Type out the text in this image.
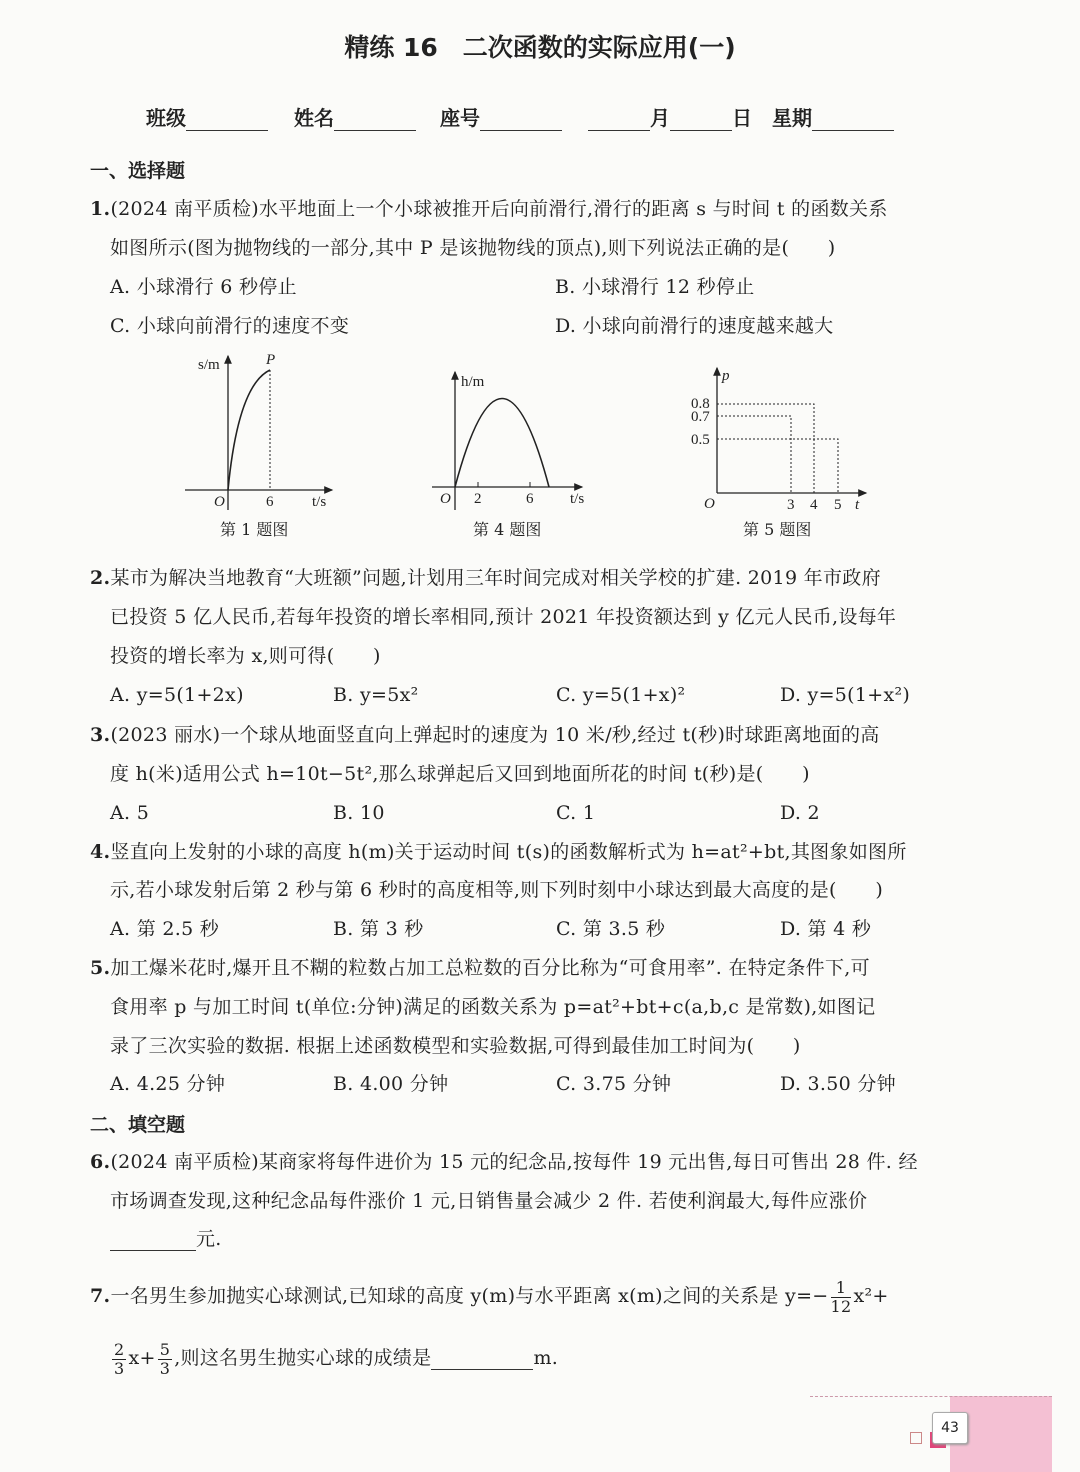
精练 16　二次函数的实际应用(一)
班级	姓名	座号	月	日　 星期
一、选择题
1.(2024 南平质检)水平地面上一个小球被推开后向前滑行,滑行的距离 s 与时间 t 的函数关系
如图所示(图为抛物线的一部分,其中 P 是该抛物线的顶点),则下列说法正确的是(　　)
A. 小球滑行 6 秒停止	B. 小球滑行 12 秒停止
C. 小球向前滑行的速度不变	D. 小球向前滑行的速度越来越大
s/m	P
O	6	t/s
h/m
O 2	6 t/s
p
0.8
0.7
0.5
O	3 4 5 t
第 1 题图	第 4 题图	第 5 题图
2.某市为解决当地教育“大班额”问题,计划用三年时间完成对相关学校的扩建. 2019 年市政府
已投资 5 亿人民币,若每年投资的增长率相同,预计 2021 年投资额达到 y 亿元人民币,设每年
投资的增长率为 x,则可得(　　)
A. y=5(1+2x)	B. y=5x²	C. y=5(1+x)²	D. y=5(1+x²)
3.(2023 丽水)一个球从地面竖直向上弹起时的速度为 10 米/秒,经过 t(秒)时球距离地面的高
度 h(米)适用公式 h=10t−5t²,那么球弹起后又回到地面所花的时间 t(秒)是(　　)
A. 5	B. 10	C. 1	D. 2
4.竖直向上发射的小球的高度 h(m)关于运动时间 t(s)的函数解析式为 h=at²+bt,其图象如图所
示,若小球发射后第 2 秒与第 6 秒时的高度相等,则下列时刻中小球达到最大高度的是(　　)
A. 第 2.5 秒	B. 第 3 秒	C. 第 3.5 秒	D. 第 4 秒
5.加工爆米花时,爆开且不糊的粒数占加工总粒数的百分比称为“可食用率”. 在特定条件下,可
食用率 p 与加工时间 t(单位:分钟)满足的函数关系为 p=at²+bt+c(a,b,c 是常数),如图记
录了三次实验的数据. 根据上述函数模型和实验数据,可得到最佳加工时间为(　　)
A. 4.25 分钟	B. 4.00 分钟	C. 3.75 分钟	D. 3.50 分钟
二、填空题
6.(2024 南平质检)某商家将每件进价为 15 元的纪念品,按每件 19 元出售,每日可售出 28 件. 经
市场调查发现,这种纪念品每件涨价 1 元,日销售量会减少 2 件. 若使利润最大,每件应涨价
元.
7.一名男生参加抛实心球测试,已知球的高度 y(m)与水平距离 x(m)之间的关系是 $y=- \frac{1}{12} x^2+$
$\frac{2}{3} x+ \frac{5}{3}$ ,则这名男生抛实心球的成绩是	m.
43
